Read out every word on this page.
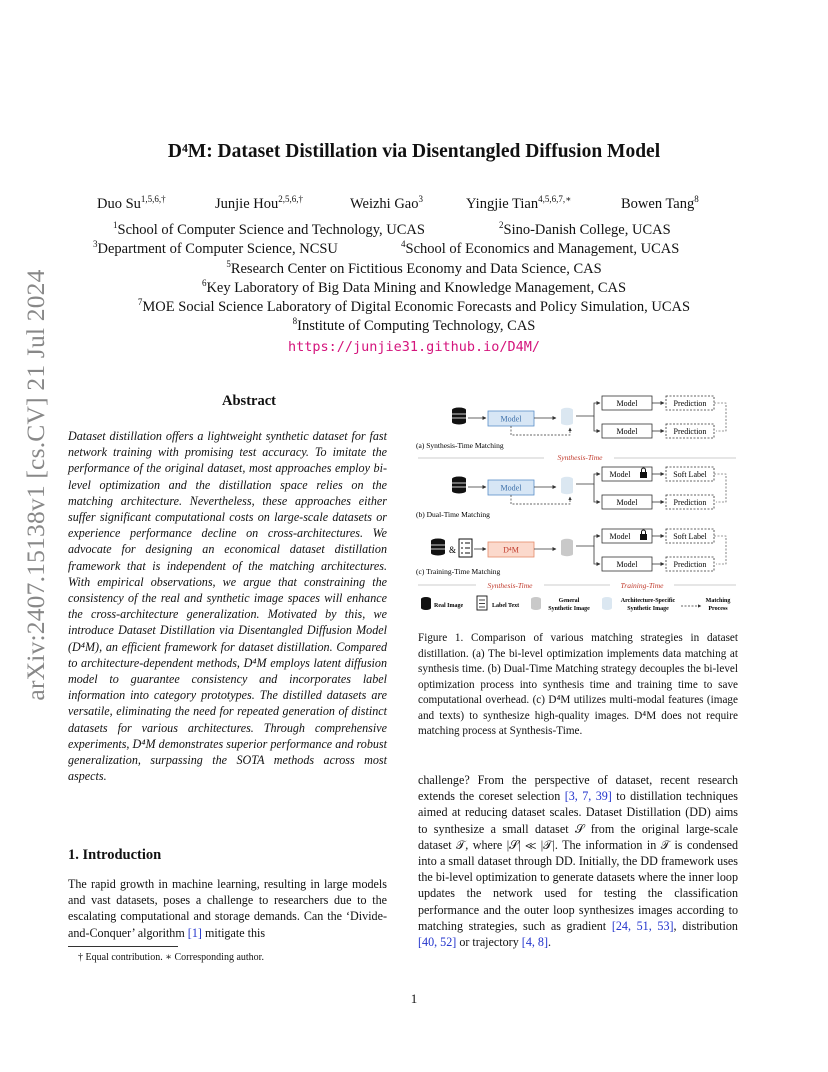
arXiv:2407.15138v1 [cs.CV] 21 Jul 2024
D⁴M: Dataset Distillation via Disentangled Diffusion Model
Duo $Su^{1,5,6,\dagger}$	Junjie Hou$^{2,5,6,\dagger}$	Weizhi Gao$^3$	Yingjie Tian$^{4,5,6,7,∗}$	Bowen Tang$^8$
$^1$School of Computer Science and Technology, UCAS	$^2$Sino-Danish College, UCAS
$^3$Department of Computer Science, NCSU	$^4$School of Economics and Management, UCAS
$^5$Research Center on Fictitious Economy and Data Science, CAS
$^6$Key Laboratory of Big Data Mining and Knowledge Management, CAS
$^7$MOE Social Science Laboratory of Digital Economic Forecasts and Policy Simulation, UCAS
$^8$Institute of Computing Technology, CAS
https://junjie31.github.io/D4M/
Abstract
Dataset distillation offers a lightweight synthetic dataset for fast network training with promising test accuracy. To imitate the performance of the original dataset, most approaches employ bi-level optimization and the distillation space relies on the matching architecture. Nevertheless, these approaches either suffer significant computational costs on large-scale datasets or experience performance decline on cross-architectures. We advocate for designing an economical dataset distillation framework that is independent of the matching architectures. With empirical observations, we argue that constraining the consistency of the real and synthetic image spaces will enhance the cross-architecture generalization. Motivated by this, we introduce Dataset Distillation via Disentangled Diffusion Model (D⁴M), an efficient framework for dataset distillation. Compared to architecture-dependent methods, D⁴M employs latent diffusion model to guarantee consistency and incorporates label information into category prototypes. The distilled datasets are versatile, eliminating the need for repeated generation of distinct datasets for various architectures. Through comprehensive experiments, D⁴M demonstrates superior performance and robust generalization, surpassing the SOTA methods across most aspects.
1. Introduction
The rapid growth in machine learning, resulting in large models and vast datasets, poses a challenge to researchers due to the escalating computational and storage demands. Can the ‘Divide-and-Conquer’ algorithm [1] mitigate this
† Equal contribution. ∗ Corresponding author.
Model
Model	Prediction
Model	Prediction
(a) Synthesis-Time Matching
Synthesis-Time
Model
Model	Soft Label
Model	Prediction
(b) Dual-Time Matching
&	D⁴M
Model	Soft Label
Model	Prediction
(c) Training-Time Matching
Synthesis-Time	Training-Time
Real Image	Label Text
General
Synthetic Image
Architecture-Specific
Synthetic Image
Matching
Process
Figure 1. Comparison of various matching strategies in dataset distillation. (a) The bi-level optimization implements data matching at synthesis time. (b) Dual-Time Matching strategy decouples the bi-level optimization process into synthesis time and training time to save computational overhead. (c) D⁴M utilizes multi-modal features (image and texts) to synthesize high-quality images. D⁴M does not require matching process at Synthesis-Time.
challenge? From the perspective of dataset, recent research extends the coreset selection [3, 7, 39] to distillation techniques aimed at reducing dataset scales. Dataset Distillation (DD) aims to synthesize a small dataset 𝒮 from the original large-scale dataset 𝒯, where |𝒮| ≪ |𝒯|. The information in 𝒯 is condensed into a small dataset through DD. Initially, the DD framework uses the bi-level optimization to generate datasets where the inner loop updates the network used for testing the classification performance and the outer loop synthesizes images according to matching strategies, such as gradient [24, 51, 53], distribution [40, 52] or trajectory [4, 8].
1
